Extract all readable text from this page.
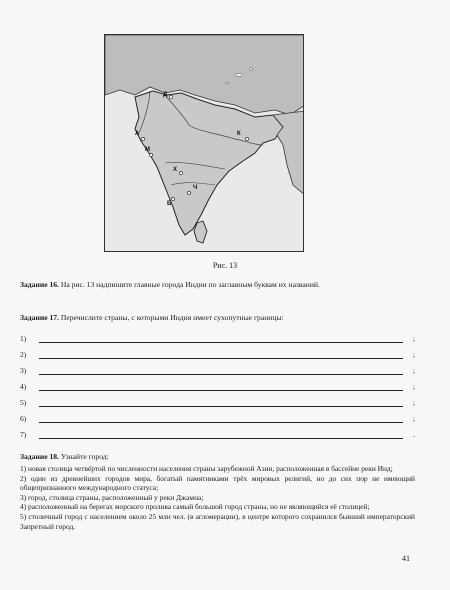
Д
А	К
М
Х
Ч
Б
Рис. 13
Задание 16. На рис. 13 надпишите главные города Индии по заглавным буквам их названий.
Задание 17. Перечислите страны, с которыми Индия имеет сухопутные границы:
1)	;
2)	;
3)	;
4)	;
5)	;
6)	;
7)	.
Задание 18. Узнайте город:
1) новая столица четвёртой по численности населения страны зарубежной Азии, расположенная в бассейне реки Инд;
2) один из древнейших городов мира, богатый памятниками трёх мировых религий, но до сих пор не имеющий общепризнанного международного статуса;
3) город, столица страны, расположенный у реки Джамна;
4) расположенный на берегах морского пролива самый большой город страны, но не являющийся её столицей;
5) столичный город с населением около 25 млн чел. (в агломерации), в центре которого сохранился бывший императорский Запретный город.
41
